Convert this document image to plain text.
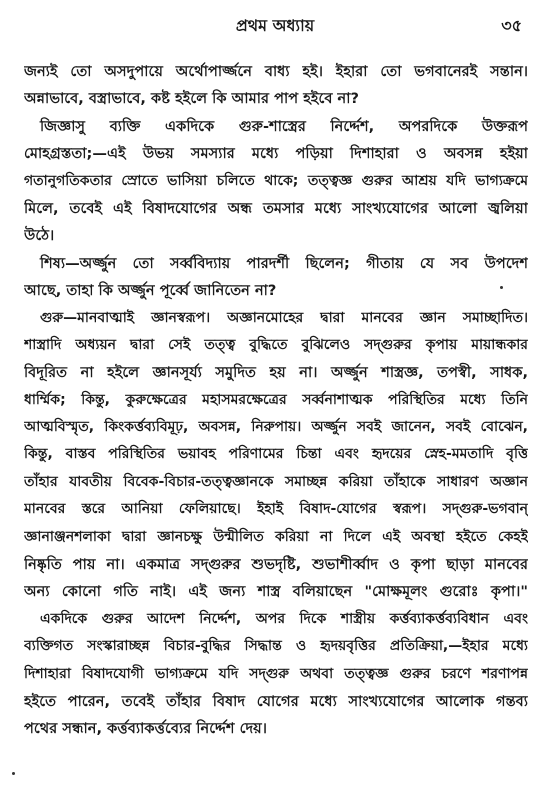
প্রথম অধ্যায়	৩৫
জন্যই তো অসদুপায়ে অর্থোপার্জ্জনে বাধ্য হই। ইহারা তো ভগবানেরই সন্তান।
অন্নাভাবে, বস্ত্রাভাবে, কষ্ট হইলে কি আমার পাপ হইবে না?
জিজ্ঞাসু ব্যক্তি একদিকে গুরু-শাস্ত্রের নির্দ্দেশ, অপরদিকে উক্তরূপ
মোহগ্রস্ততা;—এই উভয় সমস্যার মধ্যে পড়িয়া দিশাহারা ও অবসন্ন হইয়া
গতানুগতিকতার স্রোতে ভাসিয়া চলিতে থাকে; তত্ত্বজ্ঞ গুরুর আশ্রয় যদি ভাগ্যক্রমে
মিলে, তবেই এই বিষাদযোগের অন্ধ তমসার মধ্যে সাংখ্যযোগের আলো জ্বলিয়া
উঠে।
শিষ্য—অর্জ্জুন তো সর্ব্ববিদ্যায় পারদর্শী ছিলেন; গীতায় যে সব উপদেশ
আছে, তাহা কি অর্জ্জুন পূর্ব্বে জানিতেন না?
গুরু—মানবাত্মাই জ্ঞানস্বরূপ। অজ্ঞানমোহের দ্বারা মানবের জ্ঞান সমাচ্ছাদিত।
শাস্ত্রাদি অধ্যয়ন দ্বারা সেই তত্ত্ব বুদ্ধিতে বুঝিলেও সদ্গুরুর কৃপায় মায়ান্ধকার
বিদূরিত না হইলে জ্ঞানসূর্য্য সমুদিত হয় না। অর্জ্জুন শাস্ত্রজ্ঞ, তপস্বী, সাধক,
ধার্ম্মিক; কিন্তু, কুরুক্ষেত্রের মহাসমরক্ষেত্রের সর্ব্বনাশাত্মক পরিস্থিতির মধ্যে তিনি
আত্মবিস্মৃত, কিংকর্ত্তব্যবিমূঢ়, অবসন্ন, নিরুপায়। অর্জ্জুন সবই জানেন, সবই বোঝেন,
কিন্তু, বাস্তব পরিস্থিতির ভয়াবহ পরিণামের চিন্তা এবং হৃদয়ের স্নেহ-মমতাদি বৃত্তি
তাঁহার যাবতীয় বিবেক-বিচার-তত্ত্বজ্ঞানকে সমাচ্ছন্ন করিয়া তাঁহাকে সাধারণ অজ্ঞান
মানবের স্তরে আনিয়া ফেলিয়াছে। ইহাই বিষাদ-যোগের স্বরূপ। সদ্গুরু-ভগবান্
জ্ঞানাঞ্জনশলাকা দ্বারা জ্ঞানচক্ষু উন্মীলিত করিয়া না দিলে এই অবস্থা হইতে কেহই
নিষ্কৃতি পায় না। একমাত্র সদ্গুরুর শুভদৃষ্টি, শুভাশীর্ব্বাদ ও কৃপা ছাড়া মানবের
অন্য কোনো গতি নাই। এই জন্য শাস্ত্র বলিয়াছেন "মোক্ষমূলং গুরোঃ কৃপা।"
একদিকে গুরুর আদেশ নির্দ্দেশ, অপর দিকে শাস্ত্রীয় কর্ত্তব্যাকর্ত্তব্যবিধান এবং
ব্যক্তিগত সংস্কারাচ্ছন্ন বিচার-বুদ্ধির সিদ্ধান্ত ও হৃদয়বৃত্তির প্রতিক্রিয়া,—ইহার মধ্যে
দিশাহারা বিষাদযোগী ভাগ্যক্রমে যদি সদ্গুরু অথবা তত্ত্বজ্ঞ গুরুর চরণে শরণাপন্ন
হইতে পারেন, তবেই তাঁহার বিষাদ যোগের মধ্যে সাংখ্যযোগের আলোক গন্তব্য
পথের সন্ধান, কর্ত্তব্যাকর্ত্তব্যের নির্দ্দেশ দেয়।
